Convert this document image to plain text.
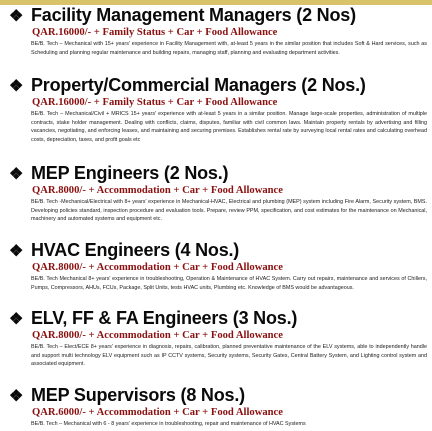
❖ Facility Management Managers (2 Nos)
QAR.16000/- + Family Status + Car + Food Allowance
BE/B. Tech – Mechanical with 15+ years' experience in Facility Management with, at-least 5 years in the similar position that includes Soft & Hard services, such as Scheduling and planning regular maintenance and building repairs, managing staff, planning and evaluating department activities.
❖ Property/Commercial Managers (2 Nos.)
QAR.16000/- + Family Status + Car + Food Allowance
BE/B. Tech – Mechanical/Civil + MRICS 15+ years' experience with at-least 5 years in a similar position. Manage large-scale properties, administration of multiple contracts, stake holder management. Dealing with conflicts, claims, disputes, familiar with civil common laws. Maintain property rentals by advertising and filling vacancies, negotiating, and enforcing leases, and maintaining and securing premises. Establishes rental rate by surveying local rental rates and calculating overhead costs, depreciation, taxes, and profit goals etc
❖ MEP Engineers (2 Nos.)
QAR.8000/- + Accommodation + Car + Food Allowance
BE/B. Tech -Mechanical/Electrical with 8+ years' experience in Mechanical-HVAC, Electrical and plumbing (MEP) system including Fire Alarm, Security system, BMS. Developing policies standard, inspection procedure and evaluation tools. Prepare, review PPM, specification, and cost estimates for the maintenance on Mechanical, machinery and automated systems and equipment etc.
❖ HVAC Engineers (4 Nos.)
QAR.8000/- + Accommodation + Car + Food Allowance
BE/B. Tech Mechanical 8+ years' experience in troubleshooting, Operation & Maintenance of HVAC System. Carry out repairs, maintenance and services of Chillers, Pumps, Compressors, AHUs, FCUs, Package, Split Units, tests HVAC units, Plumbing etc. Knowledge of BMS would be advantageous.
❖ ELV, FF & FA Engineers (3 Nos.)
QAR.8000/- + Accommodation + Car + Food Allowance
BE/B. Tech – Elect/ECE 8+ years' experience in diagnosis, repairs, calibration, planned preventative maintenance of the ELV systems, able to independently handle and support multi technology ELV equipment such as IP CCTV systems, Security systems, Security Gates, Central Battery System, and Lighting control system and associated equipment.
❖ MEP Supervisors (8 Nos.)
QAR.6000/- + Accommodation + Car + Food Allowance
BE/B. Tech – Mechanical with 6 - 8 years' experience in troubleshooting, repair and maintenance of HVAC Systems
